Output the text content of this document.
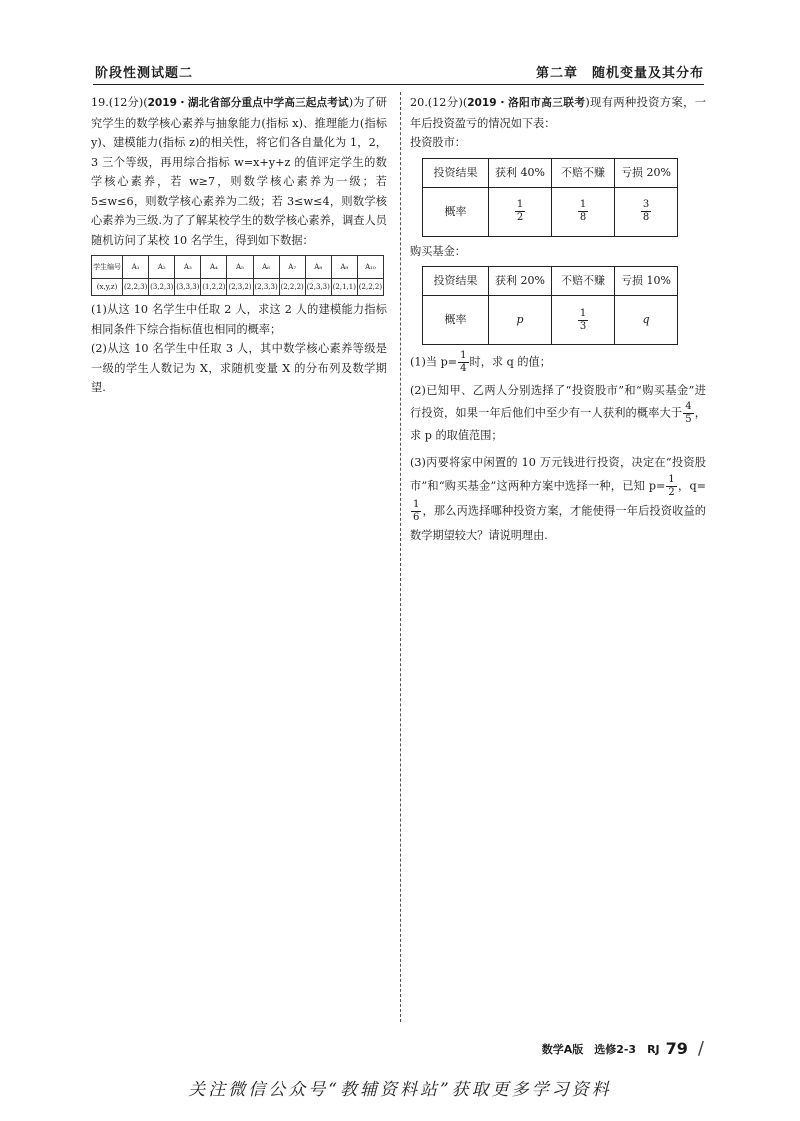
阶段性测试题二	第二章　随机变量及其分布

19.(12分)(2019・湖北省部分重点中学高三起点考试)为了研究学生的数学核心素养与抽象能力(指标 x)、推理能力(指标 y)、建模能力(指标 z)的相关性，将它们各自量化为 1，2，3 三个等级，再用综合指标 w=x+y+z 的值评定学生的数学核心素养，若 w≥7，则数学核心素养为一级；若 5≤w≤6，则数学核心素养为二级；若 3≤w≤4，则数学核心素养为三级.为了了解某校学生的数学核心素养，调查人员随机访问了某校 10 名学生，得到如下数据：

学生编号	A₁	A₂	A₃	A₄	A₅	A₆	A₇	A₈	A₉	A₁₀
(x,y,z)	(2,2,3)	(3,2,3)	(3,3,3)	(1,2,2)	(2,3,2)	(2,3,3)	(2,2,2)	(2,3,3)	(2,1,1)	(2,2,2)

(1)从这 10 名学生中任取 2 人，求这 2 人的建模能力指标相同条件下综合指标值也相同的概率；

(2)从这 10 名学生中任取 3 人，其中数学核心素养等级是一级的学生人数记为 X，求随机变量 X 的分布列及数学期望.

20.(12分)(2019・洛阳市高三联考)现有两种投资方案，一年后投资盈亏的情况如下表：

投资股市：

投资结果	获利 40%	不赔不赚	亏损 20%
概率	$\frac{1}{2}$	$\frac{1}{8}$	$\frac{3}{8}$

购买基金：

投资结果	获利 20%	不赔不赚	亏损 10%
概率	p	$\frac{1}{3}$	q

(1)当 $p= \frac{1}{4}$ 时，求 q 的值；

(2)已知甲、乙两人分别选择了“投资股市”和“购买基金”进行投资，如果一年后他们中至少有一人获利的概率大于 $\frac{4}{5}$ ，求 p 的取值范围；

(3)丙要将家中闲置的 10 万元钱进行投资，决定在“投资股市”和“购买基金”这两种方案中选择一种，已知 $p= \frac{1}{2}$ ，q=
$\frac{1}{6}$ ，那么丙选择哪种投资方案，才能使得一年后投资收益的数学期望较大？请说明理由.

数学A版　选修2-3　RJ 79 /
关注微信公众号“教辅资料站”获取更多学习资料
